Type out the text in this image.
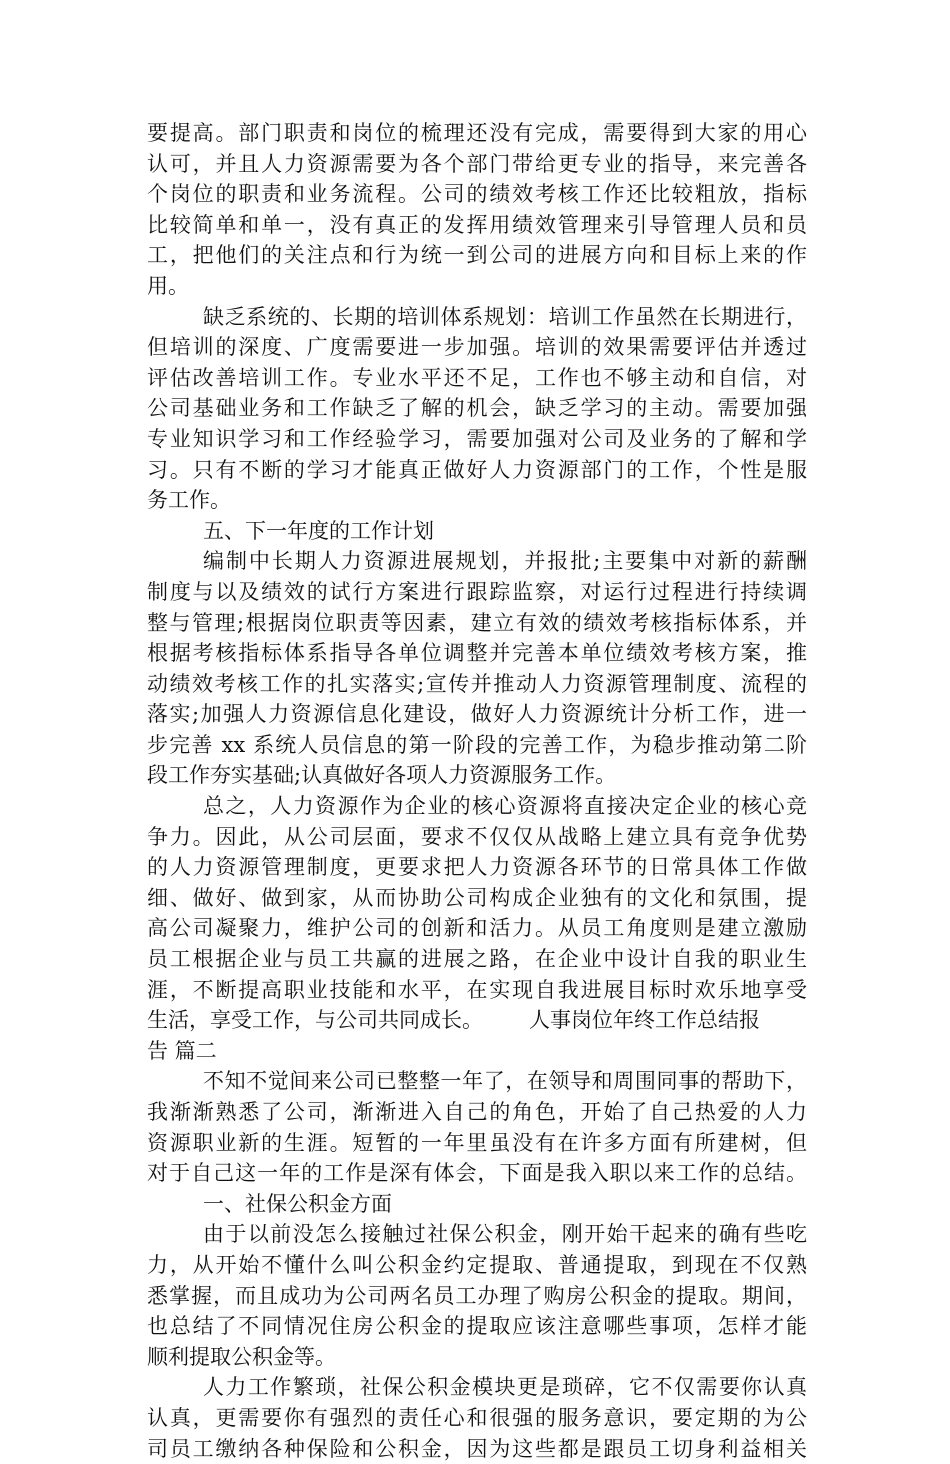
要提高。部门职责和岗位的梳理还没有完成，需要得到大家的用心
认可，并且人力资源需要为各个部门带给更专业的指导，来完善各
个岗位的职责和业务流程。公司的绩效考核工作还比较粗放，指标
比较简单和单一，没有真正的发挥用绩效管理来引导管理人员和员
工，把他们的关注点和行为统一到公司的进展方向和目标上来的作
用。
缺乏系统的、长期的培训体系规划：培训工作虽然在长期进行，
但培训的深度、广度需要进一步加强。培训的效果需要评估并透过
评估改善培训工作。专业水平还不足，工作也不够主动和自信，对
公司基础业务和工作缺乏了解的机会，缺乏学习的主动。需要加强
专业知识学习和工作经验学习，需要加强对公司及业务的了解和学
习。只有不断的学习才能真正做好人力资源部门的工作，个性是服
务工作。
五、下一年度的工作计划
编制中长期人力资源进展规划，并报批;主要集中对新的薪酬
制度与以及绩效的试行方案进行跟踪监察，对运行过程进行持续调
整与管理;根据岗位职责等因素，建立有效的绩效考核指标体系，并
根据考核指标体系指导各单位调整并完善本单位绩效考核方案，推
动绩效考核工作的扎实落实;宣传并推动人力资源管理制度、流程的
落实;加强人力资源信息化建设，做好人力资源统计分析工作，进一
步完善 xx 系统人员信息的第一阶段的完善工作，为稳步推动第二阶
段工作夯实基础;认真做好各项人力资源服务工作。
总之，人力资源作为企业的核心资源将直接决定企业的核心竞
争力。因此，从公司层面，要求不仅仅从战略上建立具有竞争优势
的人力资源管理制度，更要求把人力资源各环节的日常具体工作做
细、做好、做到家，从而协助公司构成企业独有的文化和氛围，提
高公司凝聚力，维护公司的创新和活力。从员工角度则是建立激励
员工根据企业与员工共赢的进展之路，在企业中设计自我的职业生
涯，不断提高职业技能和水平，在实现自我进展目标时欢乐地享受
生活，享受工作，与公司共同成长。 人事岗位年终工作总结报
告 篇二
不知不觉间来公司已整整一年了，在领导和周围同事的帮助下，
我渐渐熟悉了公司，渐渐进入自己的角色，开始了自己热爱的人力
资源职业新的生涯。短暂的一年里虽没有在许多方面有所建树，但
对于自己这一年的工作是深有体会，下面是我入职以来工作的总结。
一、社保公积金方面
由于以前没怎么接触过社保公积金，刚开始干起来的确有些吃
力，从开始不懂什么叫公积金约定提取、普通提取，到现在不仅熟
悉掌握，而且成功为公司两名员工办理了购房公积金的提取。期间，
也总结了不同情况住房公积金的提取应该注意哪些事项，怎样才能
顺利提取公积金等。
人力工作繁琐，社保公积金模块更是琐碎，它不仅需要你认真
认真，更需要你有强烈的责任心和很强的服务意识，要定期的为公
司员工缴纳各种保险和公积金，因为这些都是跟员工切身利益相关
